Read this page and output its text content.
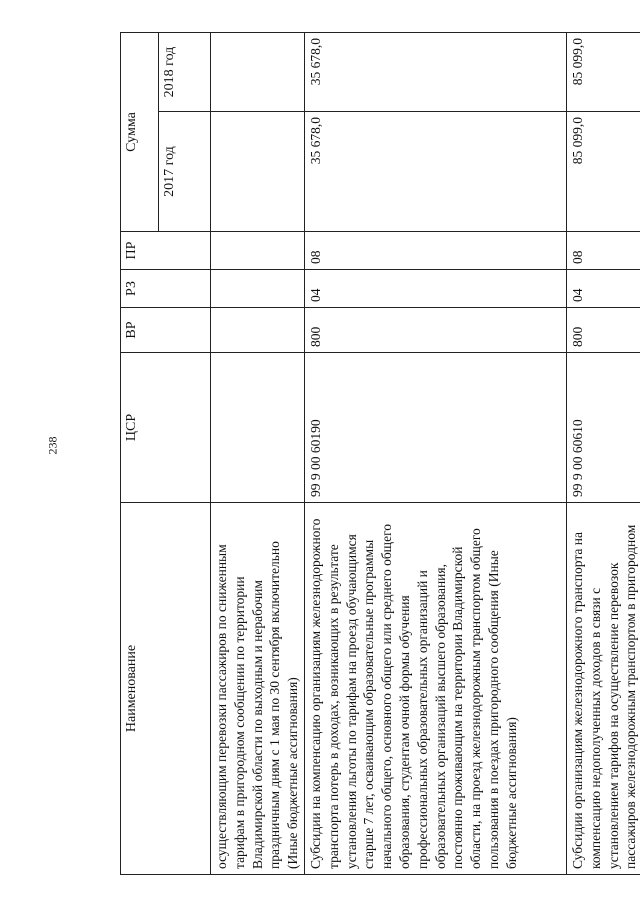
238
Наименование	ЦСР	ВР	РЗ	ПР	Сумма	
					2017 год	2018 год
осуществляющим перевозки пассажиров по сниженным тарифам в пригородном сообщении по территории Владимирской области по выходным и нерабочим праздничным дням с 1 мая по 30 сентября включительно (Иные бюджетные ассигнования)						
Субсидии на компенсацию организациям железнодорожного транспорта потерь в доходах, возникающих в результате установления льготы по тарифам на проезд обучающимся старше 7 лет, осваивающим образовательные программы начального общего, основного общего или среднего общего образования, студентам очной формы обучения профессиональных образовательных организаций и образовательных организаций высшего образования, постоянно проживающим на территории Владимирской области, на проезд железнодорожным транспортом общего пользования в поездах пригородного сообщения (Иные бюджетные ассигнования)	99 9 00 60190	800	04	08	35 678,0	35 678,0
Субсидии организациям железнодорожного транспорта на компенсацию недополученных доходов в связи с установлением тарифов на осуществление перевозок пассажиров железнодорожным транспортом в пригородном	99 9 00 60610	800	04	08	85 099,0	85 099,0
